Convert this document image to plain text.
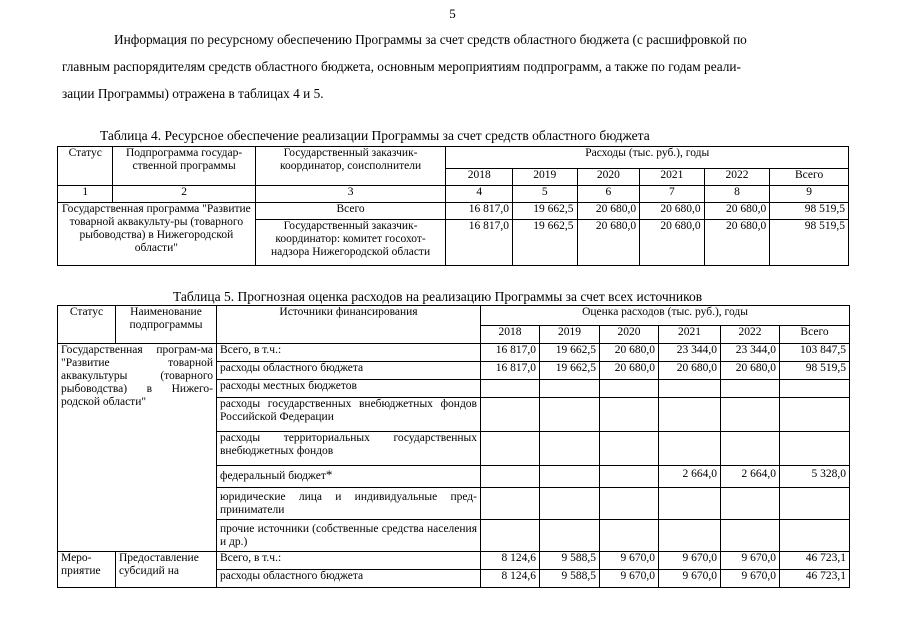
5
Информация по ресурсному обеспечению Программы за счет средств областного бюджета (с расшифровкой по
главным распорядителям средств областного бюджета, основным мероприятиям подпрограмм, а также по годам реали-
зации Программы) отражена в таблицах 4 и 5.
Таблица 4. Ресурсное обеспечение реализации Программы за счет средств областного бюджета
Статус	Подпрограмма государ-ственной программы	Государственный заказчик-координатор, соисполнители	Расходы (тыс. руб.), годы					
			2018	2019	2020	2021	2022	Всего
1	2	3	4	5	6	7	8	9
Государственная программа "Развитие товарной аквакульту-ры (товарного рыбоводства) в Нижегородской области"		Всего	16 817,0	19 662,5	20 680,0	20 680,0	20 680,0	98 519,5
		Государственный заказчик-координатор: комитет госохот-надзора Нижегородской области	16 817,0	19 662,5	20 680,0	20 680,0	20 680,0	98 519,5
Таблица 5. Прогнозная оценка расходов на реализацию Программы за счет всех источников
Статус	Наименование подпрограммы	Источники финансирования	Оценка расходов (тыс. руб.), годы					
			2018	2019	2020	2021	2022	Всего
Государственная програм-ма "Развитие товарной аквакультуры (товарного рыбоводства) в Нижего-родской области"		Всего, в т.ч.:	16 817,0	19 662,5	20 680,0	23 344,0	23 344,0	103 847,5
		расходы областного бюджета	16 817,0	19 662,5	20 680,0	20 680,0	20 680,0	98 519,5
		расходы местных бюджетов						
		расходы государственных внебюджетных фондов Российской Федерации						
		расходы территориальных государственных внебюджетных фондов						
		федеральный бюджет*				2 664,0	2 664,0	5 328,0
		юридические лица и индивидуальные пред-приниматели						
		прочие источники (собственные средства населения и др.)						
Меро-приятие	Предоставление субсидий на	Всего, в т.ч.:	8 124,6	9 588,5	9 670,0	9 670,0	9 670,0	46 723,1
		расходы областного бюджета	8 124,6	9 588,5	9 670,0	9 670,0	9 670,0	46 723,1
